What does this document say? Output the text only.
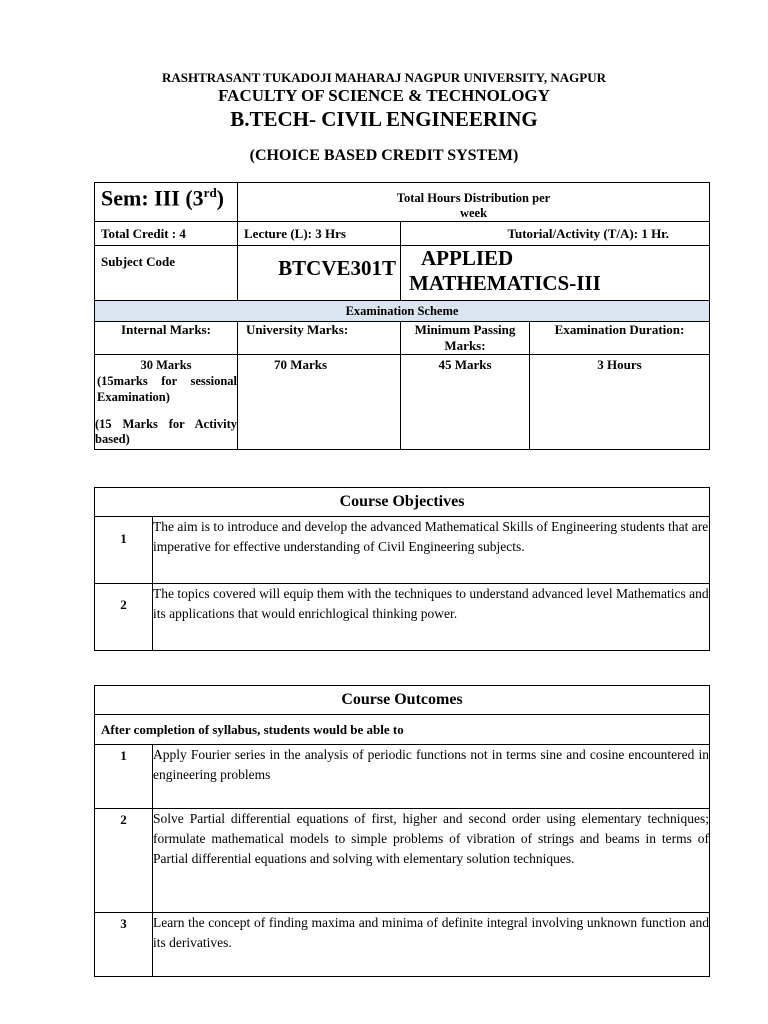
RASHTRASANT TUKADOJI MAHARAJ NAGPUR UNIVERSITY, NAGPUR
FACULTY OF SCIENCE & TECHNOLOGY
B.TECH- CIVIL ENGINEERING
(CHOICE BASED CREDIT SYSTEM)
Sem: III (3rd)	Total Hours Distribution per week		
Total Credit : 4	Lecture (L): 3 Hrs	Tutorial/Activity (T/A): 1 Hr.	
Subject Code	BTCVE301T	APPLIED
MATHEMATICS-III	

Examination Scheme			
Internal Marks:	University Marks:	Minimum Passing Marks:	Examination Duration:

30 Marks
(15marks for sessional Examination)
(15 Marks for Activity based)	70 Marks	45 Marks	3 Hours
Course Objectives	
1	The aim is to introduce and develop the advanced Mathematical Skills of Engineering students that are imperative for effective understanding of Civil Engineering subjects.
2	The topics covered will equip them with the techniques to understand advanced level Mathematics and its applications that would enrichlogical thinking power.
Course Outcomes	
After completion of syllabus, students would be able to	
1	Apply Fourier series in the analysis of periodic functions not in terms sine and cosine encountered in engineering problems
2	Solve Partial differential equations of first, higher and second order using elementary techniques; formulate mathematical models to simple problems of vibration of strings and beams in terms of Partial differential equations and solving with elementary solution techniques.
3	Learn the concept of finding maxima and minima of definite integral involving unknown function and its derivatives.
